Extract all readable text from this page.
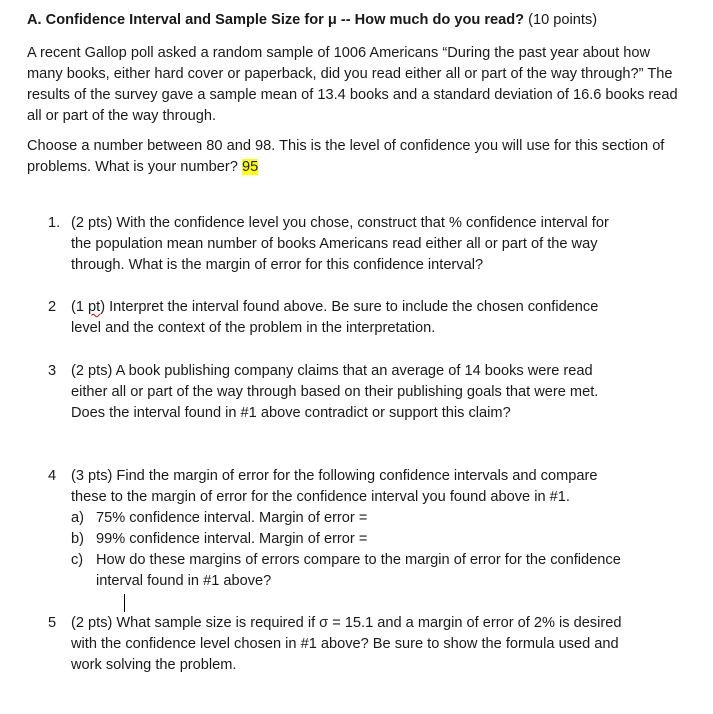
A. Confidence Interval and Sample Size for μ -- How much do you read? (10 points)

A recent Gallop poll asked a random sample of 1006 Americans “During the past year about how many books, either hard cover or paperback, did you read either all or part of the way through?” The results of the survey gave a sample mean of 13.4 books and a standard deviation of 16.6 books read all or part of the way through.

Choose a number between 80 and 98. This is the level of confidence you will use for this section of problems. What is your number? 95

1. (2 pts) With the confidence level you chose, construct that % confidence interval for the population mean number of books Americans read either all or part of the way through. What is the margin of error for this confidence interval?
2	(1 pt) Interpret the interval found above. Be sure to include the chosen confidence level and the context of the problem in the interpretation.
3	(2 pts) A book publishing company claims that an average of 14 books were read either all or part of the way through based on their publishing goals that were met. Does the interval found in #1 above contradict or support this claim?
4	(3 pts) Find the margin of error for the following confidence intervals and compare these to the margin of error for the confidence interval you found above in #1.
a) 75% confidence interval. Margin of error =
b) 99% confidence interval. Margin of error =
c) How do these margins of errors compare to the margin of error for the confidence interval found in #1 above?
5	(2 pts) What sample size is required if σ = 15.1 and a margin of error of 2% is desired with the confidence level chosen in #1 above? Be sure to show the formula used and work solving the problem.
